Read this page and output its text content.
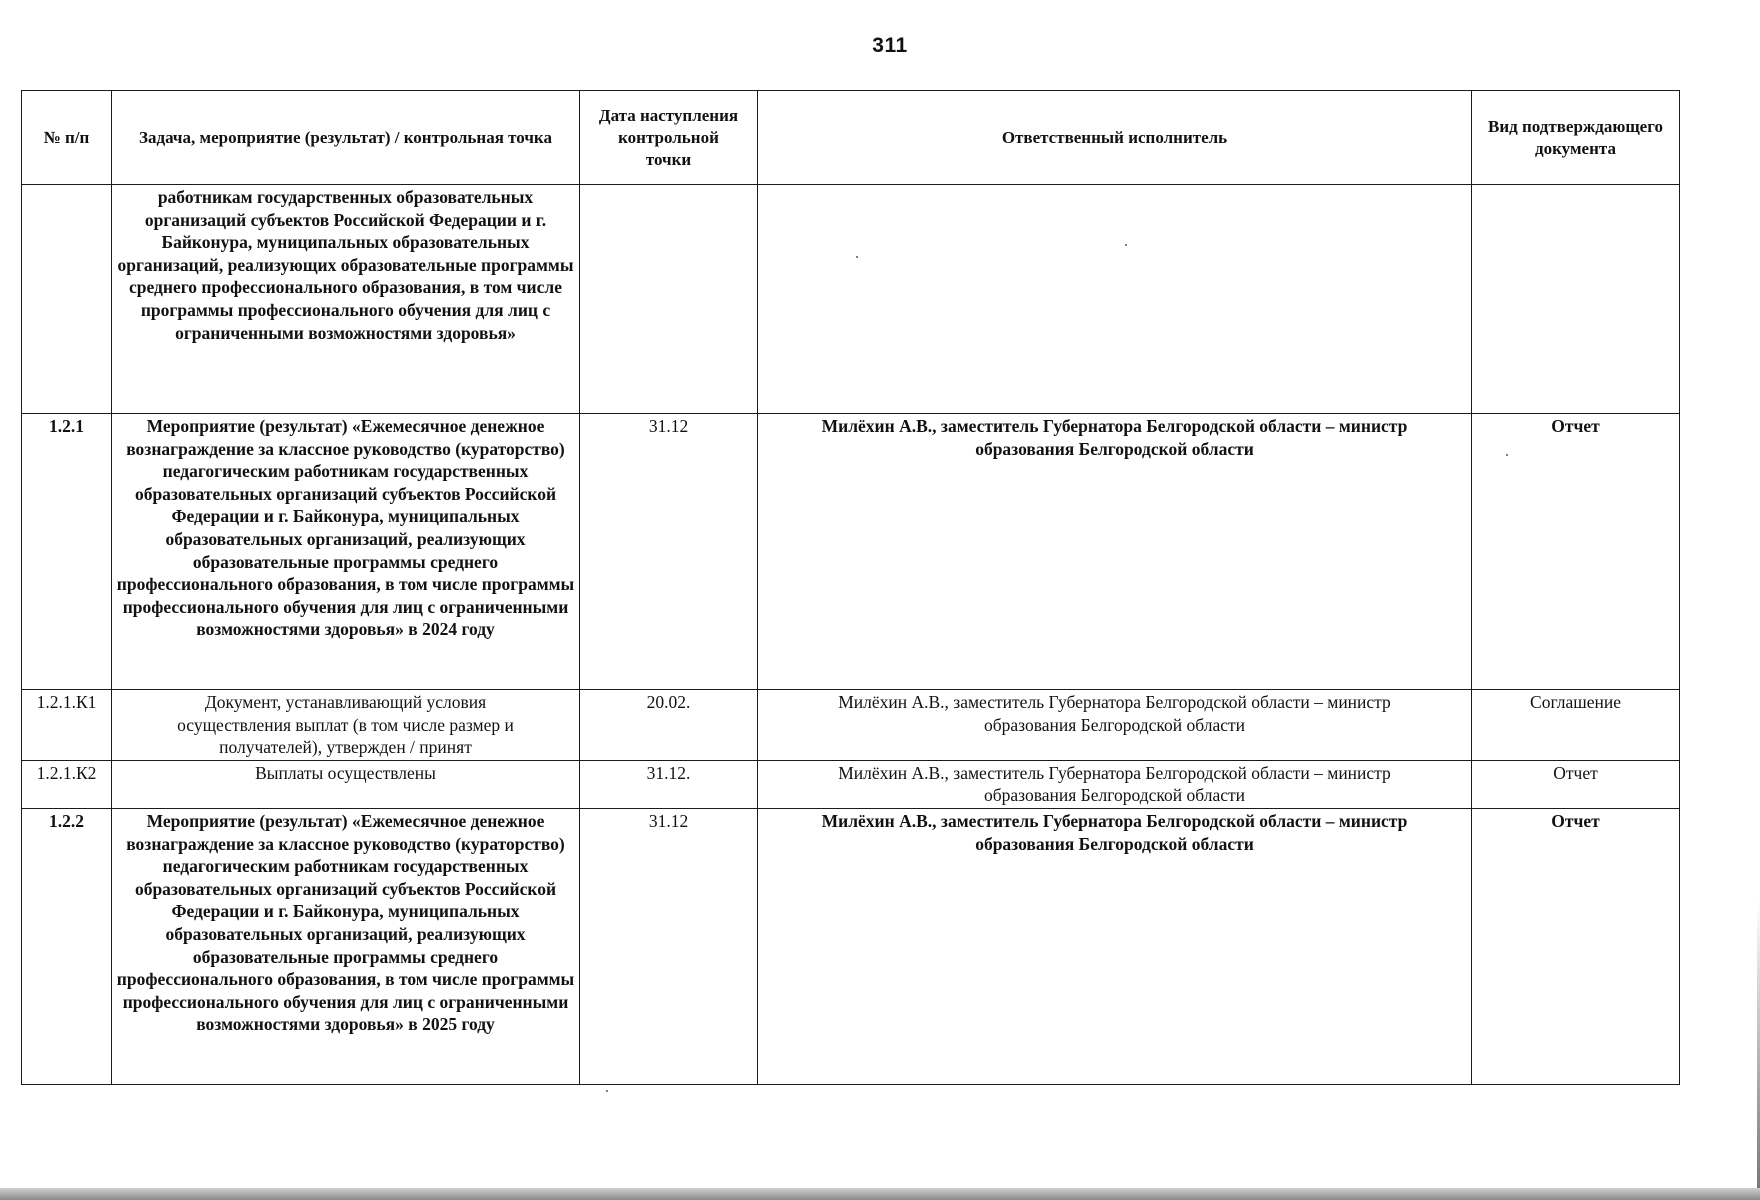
311
№ п/п	Задача, мероприятие (результат) / контрольная точка	Дата наступления контрольной точки	Ответственный исполнитель	Вид подтверждающего документа
	работникам государственных образовательных организаций субъектов Российской Федерации и г. Байконура, муниципальных образовательных организаций, реализующих образовательные программы среднего профессионального образования, в том числе программы профессионального обучения для лиц с ограниченными возможностями здоровья»			
1.2.1	Мероприятие (результат) «Ежемесячное денежное вознаграждение за классное руководство (кураторство) педагогическим работникам государственных образовательных организаций субъектов Российской Федерации и г. Байконура, муниципальных образовательных организаций, реализующих образовательные программы среднего профессионального образования, в том числе программы профессионального обучения для лиц с ограниченными возможностями здоровья» в 2024 году	31.12	Милёхин А.В., заместитель Губернатора Белгородской области – министр образования Белгородской области	Отчет
1.2.1.К1	Документ, устанавливающий условия осуществления выплат (в том числе размер и получателей), утвержден / принят	20.02.	Милёхин А.В., заместитель Губернатора Белгородской области – министр образования Белгородской области	Соглашение
1.2.1.К2	Выплаты осуществлены	31.12.	Милёхин А.В., заместитель Губернатора Белгородской области – министр образования Белгородской области	Отчет
1.2.2	Мероприятие (результат) «Ежемесячное денежное вознаграждение за классное руководство (кураторство) педагогическим работникам государственных образовательных организаций субъектов Российской Федерации и г. Байконура, муниципальных образовательных организаций, реализующих образовательные программы среднего профессионального образования, в том числе программы профессионального обучения для лиц с ограниченными возможностями здоровья» в 2025 году	31.12	Милёхин А.В., заместитель Губернатора Белгородской области – министр образования Белгородской области	Отчет
